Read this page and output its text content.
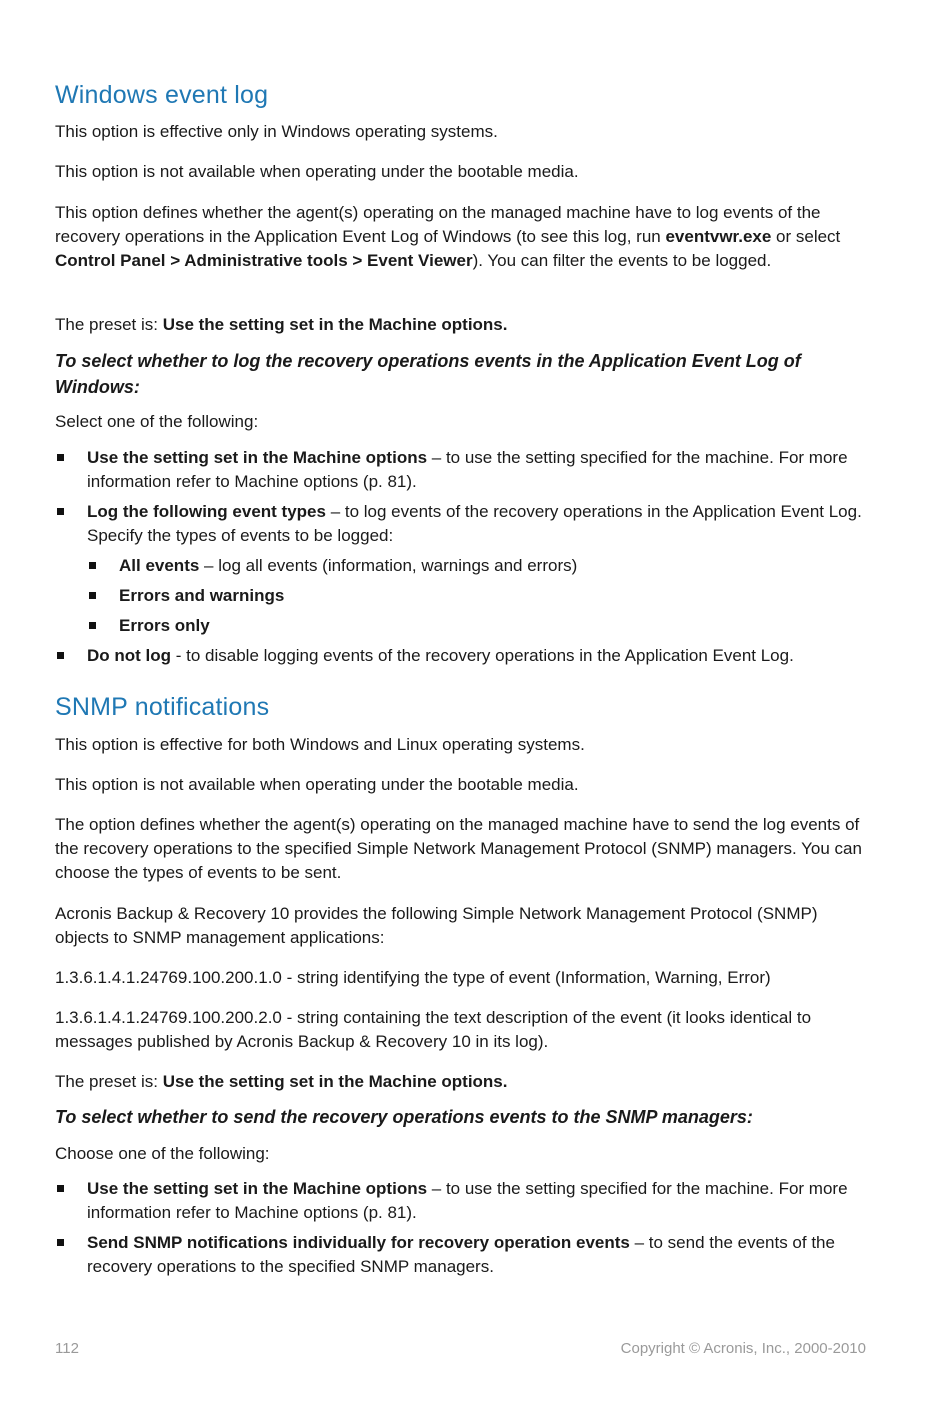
Windows event log

This option is effective only in Windows operating systems.

This option is not available when operating under the bootable media.

This option defines whether the agent(s) operating on the managed machine have to log events of the recovery operations in the Application Event Log of Windows (to see this log, run eventvwr.exe or select Control Panel > Administrative tools > Event Viewer). You can filter the events to be logged.

The preset is: Use the setting set in the Machine options.

To select whether to log the recovery operations events in the Application Event Log of Windows:

Select one of the following:

Use the setting set in the Machine options – to use the setting specified for the machine. For more information refer to Machine options (p. 81).
Log the following event types – to log events of the recovery operations in the Application Event Log. Specify the types of events to be logged:
All events – log all events (information, warnings and errors)
Errors and warnings
Errors only
Do not log - to disable logging events of the recovery operations in the Application Event Log.
SNMP notifications

This option is effective for both Windows and Linux operating systems.

This option is not available when operating under the bootable media.

The option defines whether the agent(s) operating on the managed machine have to send the log events of the recovery operations to the specified Simple Network Management Protocol (SNMP) managers. You can choose the types of events to be sent.

Acronis Backup & Recovery 10 provides the following Simple Network Management Protocol (SNMP) objects to SNMP management applications:

1.3.6.1.4.1.24769.100.200.1.0 - string identifying the type of event (Information, Warning, Error)

1.3.6.1.4.1.24769.100.200.2.0 - string containing the text description of the event (it looks identical to messages published by Acronis Backup & Recovery 10 in its log).

The preset is: Use the setting set in the Machine options.

To select whether to send the recovery operations events to the SNMP managers:

Choose one of the following:

Use the setting set in the Machine options – to use the setting specified for the machine. For more information refer to Machine options (p. 81).
Send SNMP notifications individually for recovery operation events – to send the events of the recovery operations to the specified SNMP managers.
112	Copyright © Acronis, Inc., 2000-2010
